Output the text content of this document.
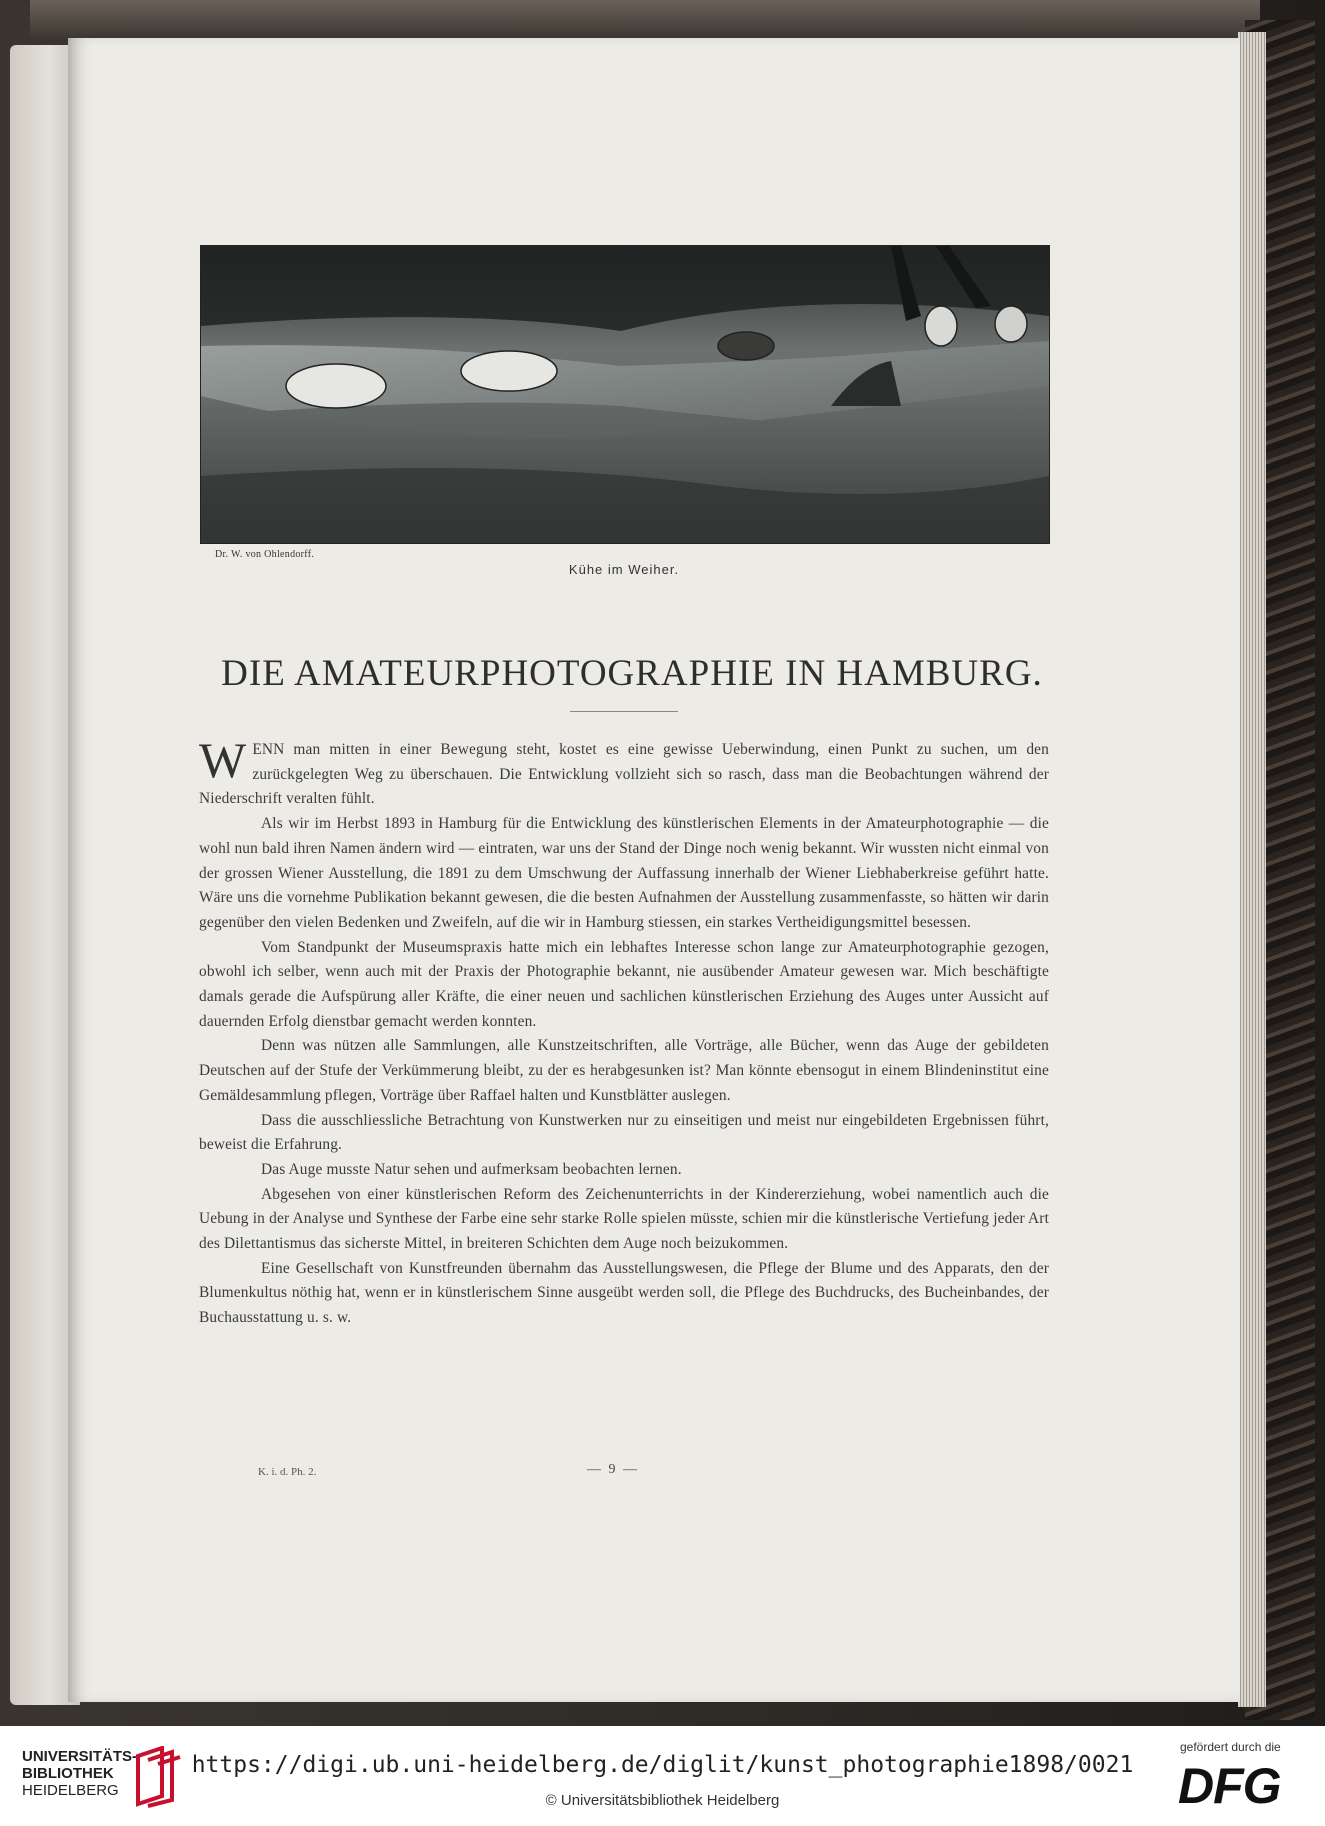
Dr. W. von Ohlendorff.
Kühe im Weiher.
DIE AMATEURPHOTOGRAPHIE IN HAMBURG.

WENN man mitten in einer Bewegung steht, kostet es eine gewisse Ueberwindung, einen Punkt zu suchen, um den zurückgelegten Weg zu überschauen. Die Entwicklung vollzieht sich so rasch, dass man die Beobachtungen während der Niederschrift veralten fühlt.

Als wir im Herbst 1893 in Hamburg für die Entwicklung des künstlerischen Elements in der Amateurphotographie — die wohl nun bald ihren Namen ändern wird — eintraten, war uns der Stand der Dinge noch wenig bekannt. Wir wussten nicht einmal von der grossen Wiener Ausstellung, die 1891 zu dem Umschwung der Auffassung innerhalb der Wiener Liebhaberkreise geführt hatte. Wäre uns die vornehme Publikation bekannt gewesen, die die besten Aufnahmen der Ausstellung zusammenfasste, so hätten wir darin gegenüber den vielen Bedenken und Zweifeln, auf die wir in Hamburg stiessen, ein starkes Vertheidigungsmittel besessen.

Vom Standpunkt der Museumspraxis hatte mich ein lebhaftes Interesse schon lange zur Amateurphotographie gezogen, obwohl ich selber, wenn auch mit der Praxis der Photographie bekannt, nie ausübender Amateur gewesen war. Mich beschäftigte damals gerade die Aufspürung aller Kräfte, die einer neuen und sachlichen künstlerischen Erziehung des Auges unter Aussicht auf dauernden Erfolg dienstbar gemacht werden konnten.

Denn was nützen alle Sammlungen, alle Kunstzeitschriften, alle Vorträge, alle Bücher, wenn das Auge der gebildeten Deutschen auf der Stufe der Verkümmerung bleibt, zu der es herabgesunken ist? Man könnte ebensogut in einem Blindeninstitut eine Gemäldesammlung pflegen, Vorträge über Raffael halten und Kunstblätter auslegen.

Dass die ausschliessliche Betrachtung von Kunstwerken nur zu einseitigen und meist nur eingebildeten Ergebnissen führt, beweist die Erfahrung.

Das Auge musste Natur sehen und aufmerksam beobachten lernen.

Abgesehen von einer künstlerischen Reform des Zeichenunterrichts in der Kindererziehung, wobei namentlich auch die Uebung in der Analyse und Synthese der Farbe eine sehr starke Rolle spielen müsste, schien mir die künstlerische Vertiefung jeder Art des Dilettantismus das sicherste Mittel, in breiteren Schichten dem Auge noch beizukommen.

Eine Gesellschaft von Kunstfreunden übernahm das Ausstellungswesen, die Pflege der Blume und des Apparats, den der Blumenkultus nöthig hat, wenn er in künstlerischem Sinne ausgeübt werden soll, die Pflege des Buchdrucks, des Bucheinbandes, der Buchausstattung u. s. w.

K. i. d. Ph. 2.	— 9 —
UNIVERSITÄTS-
BIBLIOTHEK
HEIDELBERG
https://digi.ub.uni-heidelberg.de/diglit/kunst_photographie1898/0021
© Universitätsbibliothek Heidelberg
gefördert durch die
DFG
